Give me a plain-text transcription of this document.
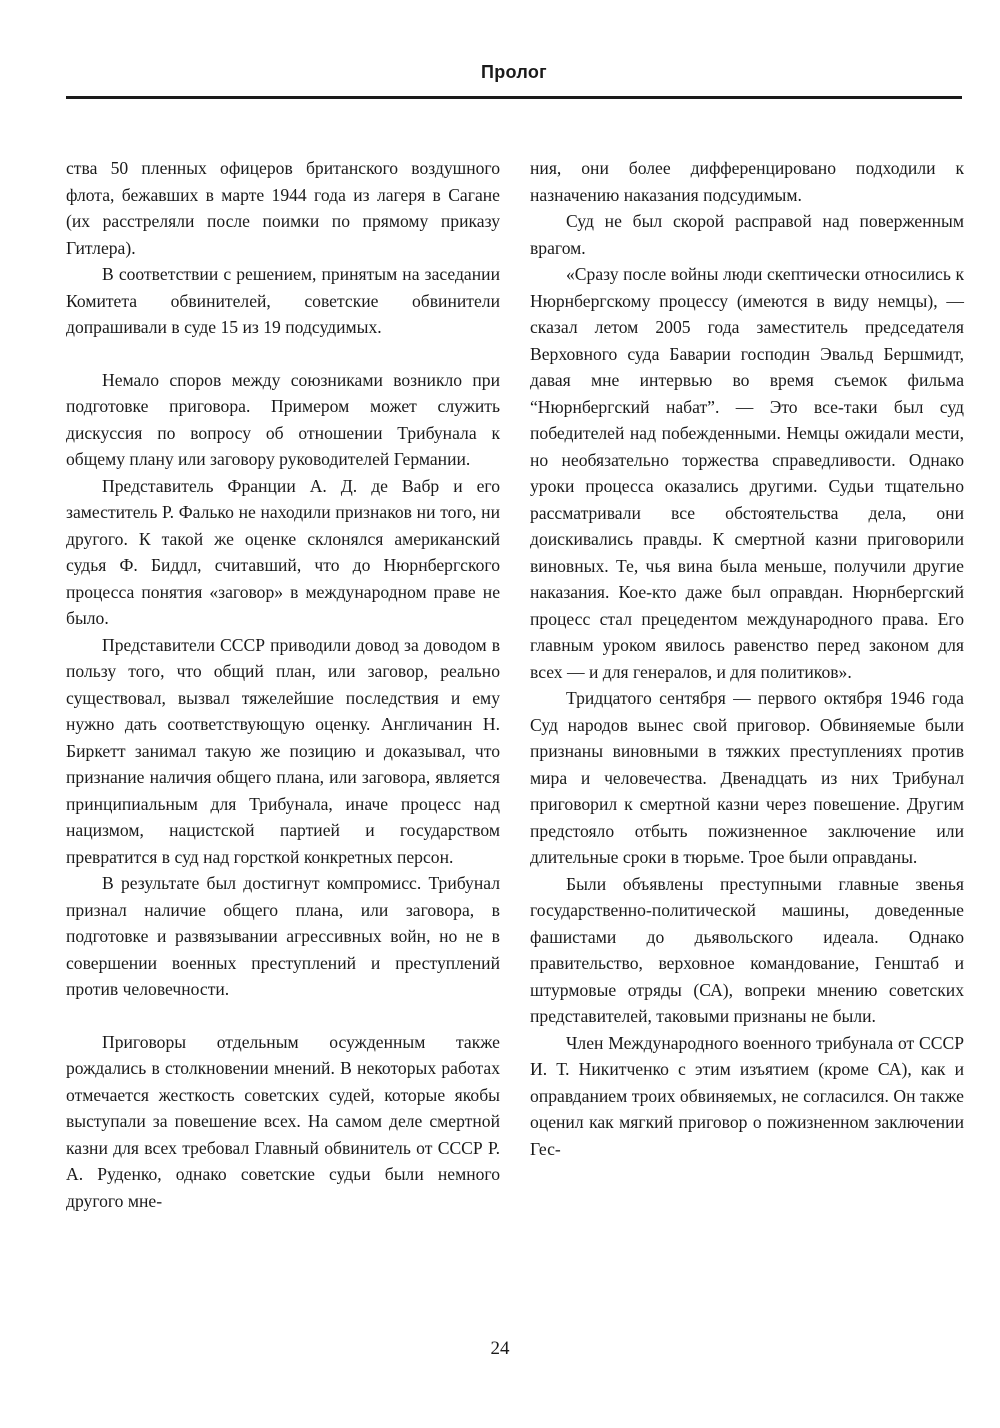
Пролог

ства 50 пленных офицеров британского воздушного флота, бежавших в марте 1944 года из лагеря в Сагане (их расстреляли после поимки по прямому приказу Гитлера).

В соответствии с решением, принятым на заседании Комитета обвинителей, советские обвинители допрашивали в суде 15 из 19 подсудимых.

Немало споров между союзниками возникло при подготовке приговора. Примером может служить дискуссия по вопросу об отношении Трибунала к общему плану или заговору руководителей Германии.

Представитель Франции А. Д. де Вабр и его заместитель Р. Фалько не находили признаков ни того, ни другого. К такой же оценке склонялся американский судья Ф. Биддл, считавший, что до Нюрнбергского процесса понятия «заговор» в международном праве не было.

Представители СССР приводили довод за доводом в пользу того, что общий план, или заговор, реально существовал, вызвал тяжелейшие последствия и ему нужно дать соответствующую оценку. Англичанин Н. Биркетт занимал такую же позицию и доказывал, что признание наличия общего плана, или заговора, является принципиальным для Трибунала, иначе процесс над нацизмом, нацистской партией и государством превратится в суд над горсткой конкретных персон.

В результате был достигнут компромисс. Трибунал признал наличие общего плана, или заговора, в подготовке и развязывании агрессивных войн, но не в совершении военных преступлений и преступлений против человечности.

Приговоры отдельным осужденным также рождались в столкновении мнений. В некоторых работах отмечается жесткость советских судей, которые якобы выступали за повешение всех. На самом деле смертной казни для всех требовал Главный обвинитель от СССР Р. А. Руденко, однако советские судьи были немного другого мне-

ния, они более дифференцировано подходили к назначению наказания подсудимым.

Суд не был скорой расправой над поверженным врагом.

«Сразу после войны люди скептически относились к Нюрнбергскому процессу (имеются в виду немцы), — сказал летом 2005 года заместитель председателя Верховного суда Баварии господин Эвальд Бершмидт, давая мне интервью во время съемок фильма “Нюрнбергский набат”. — Это все-таки был суд победителей над побежденными. Немцы ожидали мести, но необязательно торжества справедливости. Однако уроки процесса оказались другими. Судьи тщательно рассматривали все обстоятельства дела, они доискивались правды. К смертной казни приговорили виновных. Те, чья вина была меньше, получили другие наказания. Кое-кто даже был оправдан. Нюрнбергский процесс стал прецедентом международного права. Его главным уроком явилось равенство перед законом для всех — и для генералов, и для политиков».

Тридцатого сентября — первого октября 1946 года Суд народов вынес свой приговор. Обвиняемые были признаны виновными в тяжких преступлениях против мира и человечества. Двенадцать из них Трибунал приговорил к смертной казни через повешение. Другим предстояло отбыть пожизненное заключение или длительные сроки в тюрьме. Трое были оправданы.

Были объявлены преступными главные звенья государственно-политической машины, доведенные фашистами до дьявольского идеала. Однако правительство, верховное командование, Генштаб и штурмовые отряды (СА), вопреки мнению советских представителей, таковыми признаны не были.

Член Международного военного трибунала от СССР И. Т. Никитченко с этим изъятием (кроме СА), как и оправданием троих обвиняемых, не согласился. Он также оценил как мягкий приговор о пожизненном заключении Гес-

24
